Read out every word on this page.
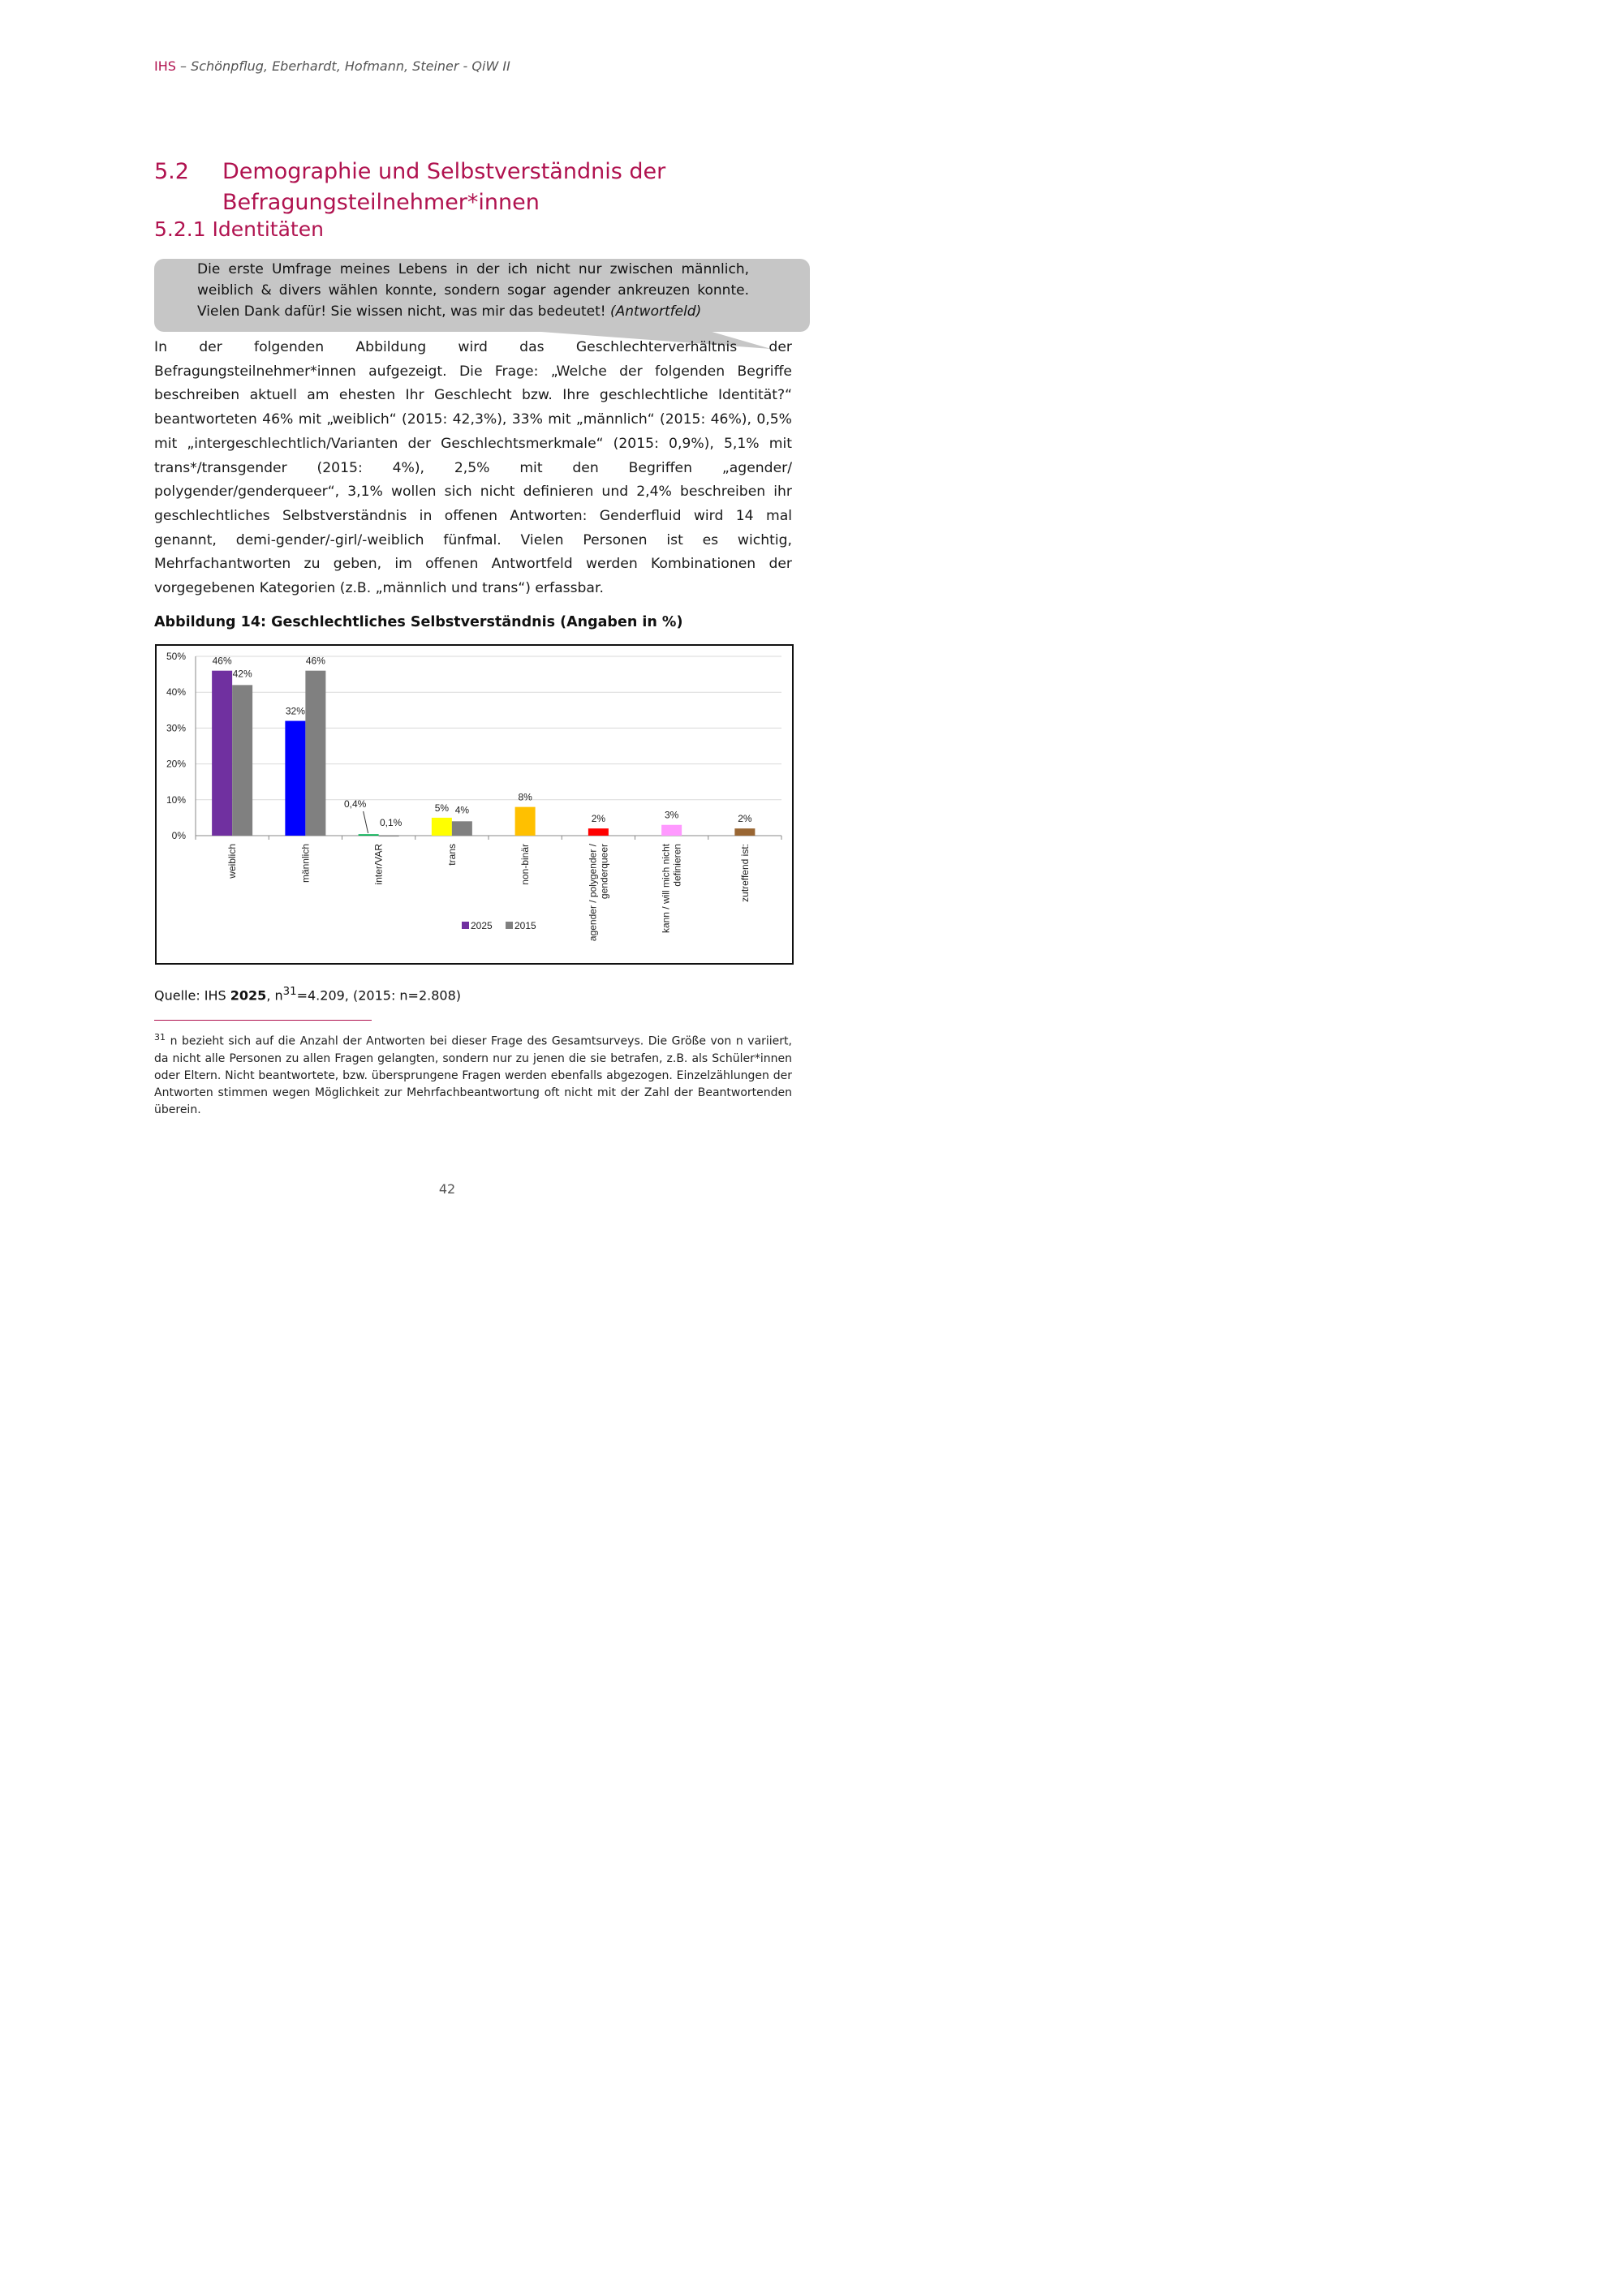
IHS – Schönpflug, Eberhardt, Hofmann, Steiner - QiW II
5.2 Demographie und Selbstverständnis der
Befragungsteilnehmer*innen
5.2.1 Identitäten
Die erste Umfrage meines Lebens in der ich nicht nur zwischen männlich, weiblich & divers wählen konnte, sondern sogar agender ankreuzen konnte. Vielen Dank dafür! Sie wissen nicht, was mir das bedeutet! (Antwortfeld)
In der folgenden Abbildung wird das Geschlechterverhältnis der Befragungsteilnehmer*innen aufgezeigt. Die Frage: „Welche der folgenden Begriffe beschreiben aktuell am ehesten Ihr Geschlecht bzw. Ihre geschlechtliche Identität?“ beantworteten 46% mit „weiblich“ (2015: 42,3%), 33% mit „männlich“ (2015: 46%), 0,5% mit „intergeschlechtlich/Varianten der Geschlechtsmerkmale“ (2015: 0,9%), 5,1% mit trans*/transgender (2015: 4%), 2,5% mit den Begriffen „agender/ polygender/genderqueer“, 3,1% wollen sich nicht definieren und 2,4% beschreiben ihr geschlechtliches Selbstverständnis in offenen Antworten: Genderfluid wird 14 mal genannt, demi-gender/-girl/-weiblich fünfmal. Vielen Personen ist es wichtig, Mehrfachantworten zu geben, im offenen Antwortfeld werden Kombinationen der vorgegebenen Kategorien (z.B. „männlich und trans“) erfassbar.
Abbildung 14: Geschlechtliches Selbstverständnis (Angaben in %)
0%
10%
20%
30%
40%
50%	46%
42%
weiblich
32%
46%
männlich
0,4%
0,1%
inter/VAR
5% 4%
trans
8%
non-binär
2%
agender / polygender / genderqueer
3%
kann / will mich nicht definieren
2%
zutreffend ist:
2025 2015
Quelle: IHS 2025, $n^{31}=4.209$, (2015: n=2.808)
$^{31}$ n bezieht sich auf die Anzahl der Antworten bei dieser Frage des Gesamtsurveys. Die Größe von n variiert, da nicht alle Personen zu allen Fragen gelangten, sondern nur zu jenen die sie betrafen, z.B. als Schüler*innen oder Eltern. Nicht beantwortete, bzw. übersprungene Fragen werden ebenfalls abgezogen. Einzelzählungen der Antworten stimmen wegen Möglichkeit zur Mehrfachbeantwortung oft nicht mit der Zahl der Beantwortenden überein.
42
